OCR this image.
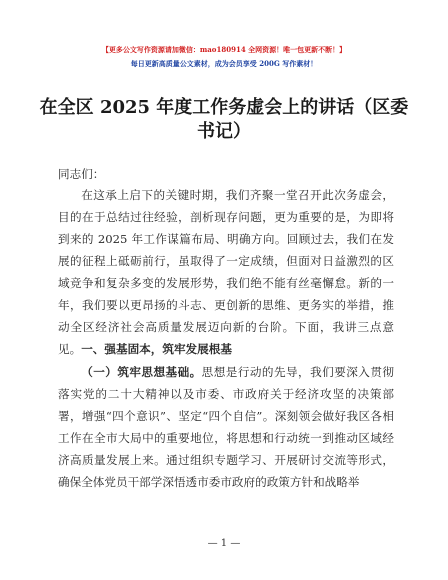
【更多公文写作资源请加微信：mao180914 全网资源！唯一包更新不断！】
每日更新高质量公文素材，成为会员享受 200G 写作素材！
在全区 2025 年度工作务虚会上的讲话（区委书记）
同志们：
在这承上启下的关键时期，我们齐聚一堂召开此次务虚会，目的在于总结过往经验，剖析现存问题，更为重要的是，为即将到来的 2025 年工作谋篇布局、明确方向。回顾过去，我们在发展的征程上砥砺前行，虽取得了一定成绩，但面对日益激烈的区域竞争和复杂多变的发展形势，我们绝不能有丝毫懈怠。新的一年，我们要以更昂扬的斗志、更创新的思维、更务实的举措，推动全区经济社会高质量发展迈向新的台阶。下面，我讲三点意见。 一、强基固本，筑牢发展根基
（一）筑牢思想基础。思想是行动的先导，我们要深入贯彻落实党的二十大精神以及市委、市政府关于经济攻坚的决策部署，增强“四个意识”、坚定“四个自信”。深刻领会做好我区各相工作在全市大局中的重要地位，将思想和行动统一到推动区域经济高质量发展上来。通过组织专题学习、开展研讨交流等形式，确保全体党员干部学深悟透市委市政府的政策方针和战略举
— 1 —
